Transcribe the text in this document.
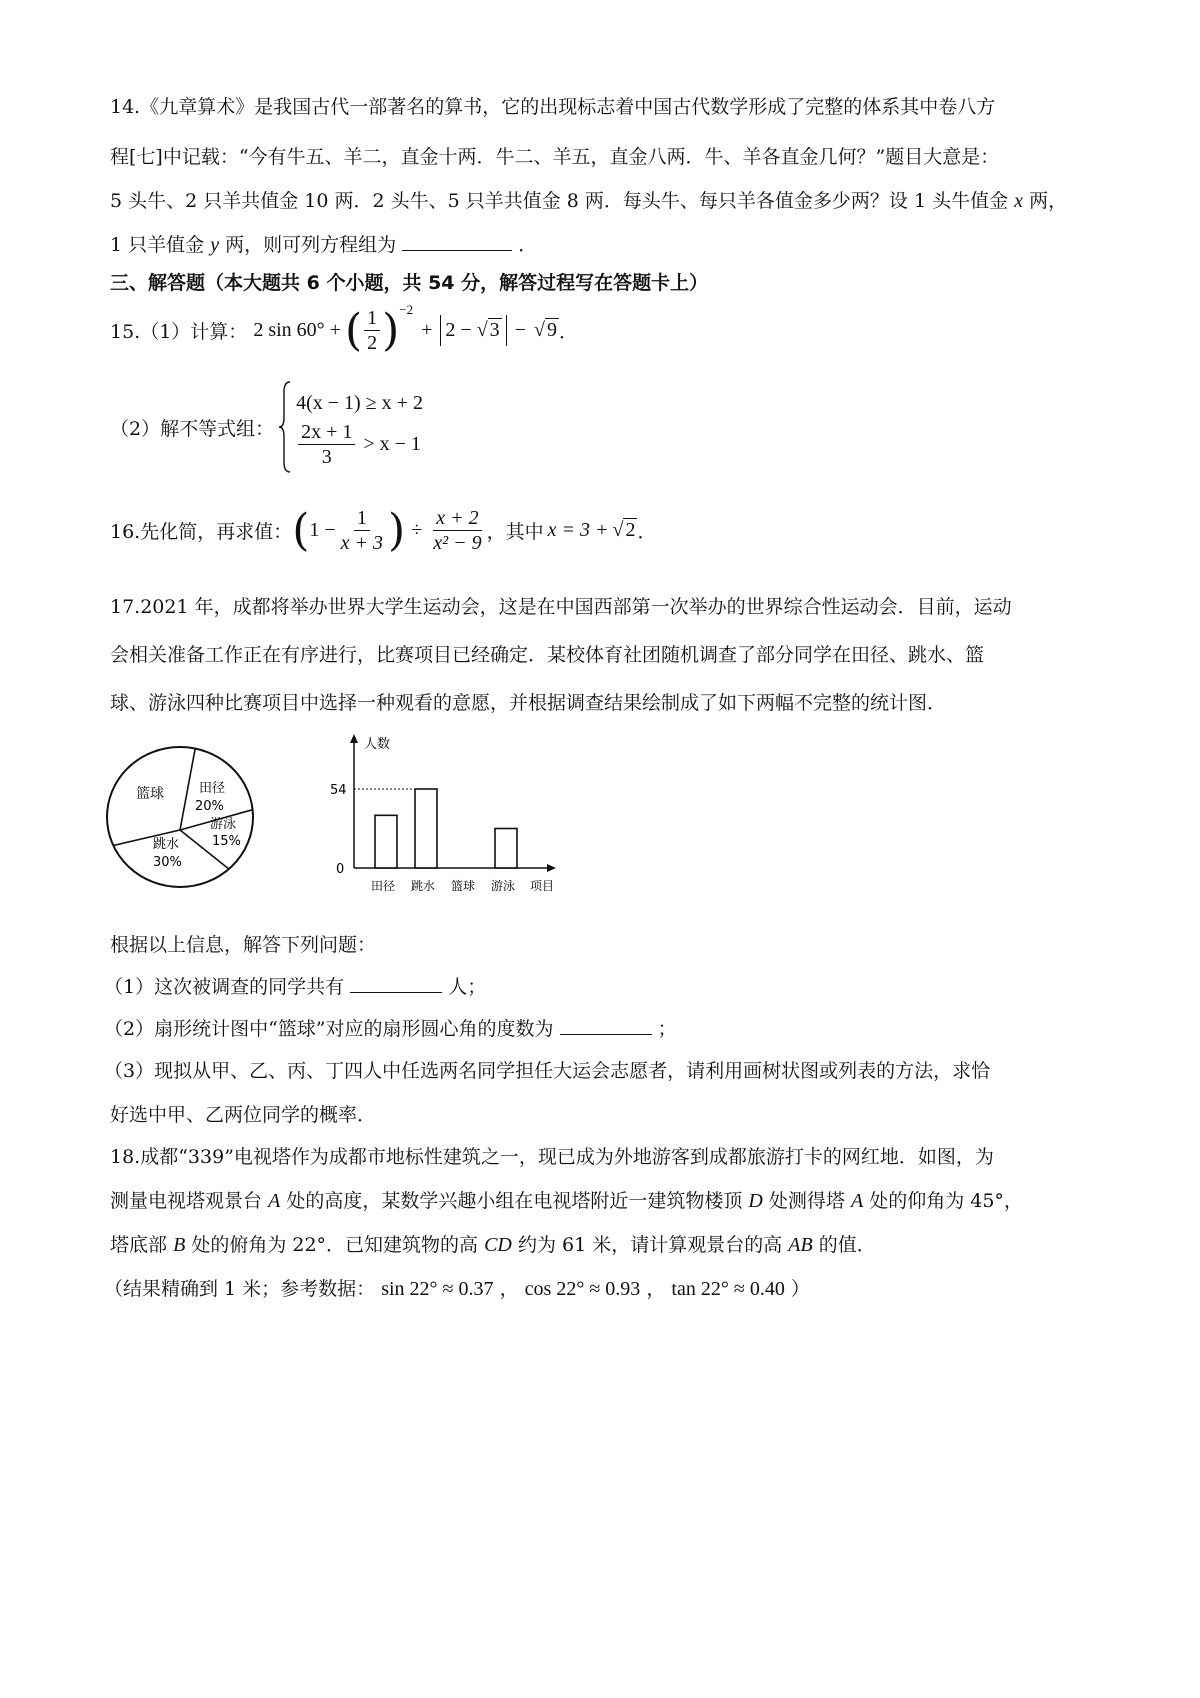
14.《九章算术》是我国古代一部著名的算书，它的出现标志着中国古代数学形成了完整的体系其中卷八方
程[七]中记载：“今有牛五、羊二，直金十两．牛二、羊五，直金八两．牛、羊各直金几何？”题目大意是：
5 头牛、2 只羊共值金 10 两．2 头牛、5 只羊共值金 8 两．每头牛、每只羊各值金多少两？设 1 头牛值金 x 两，
1 只羊值金 y 两，则可列方程组为	．
三、解答题（本大题共 6 个小题，共 54 分，解答过程写在答题卡上）
15.（1）计算： 2 sin 60° + ( $\frac{1}{2}$ ) −2
+ 2 − √ 3 − √ 9 ．
（2）解不等式组：
4(x − 1) ≥ x + 2
$\frac{2x + 1}{3} > x - 1$
16.先化简，再求值： ( $1 - \frac{1}{x + 3}$ ) ÷ $\frac{x + 2}{\text{x² − 9}}$ ，其中 x = 3 + √ 2 ．
17.2021 年，成都将举办世界大学生运动会，这是在中国西部第一次举办的世界综合性运动会．目前，运动
会相关准备工作正在有序进行，比赛项目已经确定．某校体育社团随机调查了部分同学在田径、跳水、篮
球、游泳四种比赛项目中选择一种观看的意愿，并根据调查结果绘制成了如下两幅不完整的统计图．
篮球	田径
20%
游泳
15%
跳水
30%
人数
项目
0
54
田径 跳水 篮球 游泳
根据以上信息，解答下列问题：
（1）这次被调查的同学共有	人；
（2）扇形统计图中“篮球”对应的扇形圆心角的度数为	；
（3）现拟从甲、乙、丙、丁四人中任选两名同学担任大运会志愿者，请利用画树状图或列表的方法，求恰
好选中甲、乙两位同学的概率．
18.成都“339”电视塔作为成都市地标性建筑之一，现已成为外地游客到成都旅游打卡的网红地．如图，为
测量电视塔观景台 A 处的高度，某数学兴趣小组在电视塔附近一建筑物楼顶 D 处测得塔 A 处的仰角为 45°，
塔底部 B 处的俯角为 22°．已知建筑物的高 CD 约为 61 米，请计算观景台的高 AB 的值．
（结果精确到 1 米；参考数据： sin 22° ≈ 0.37 ， cos 22° ≈ 0.93 ， tan 22° ≈ 0.40 ）
